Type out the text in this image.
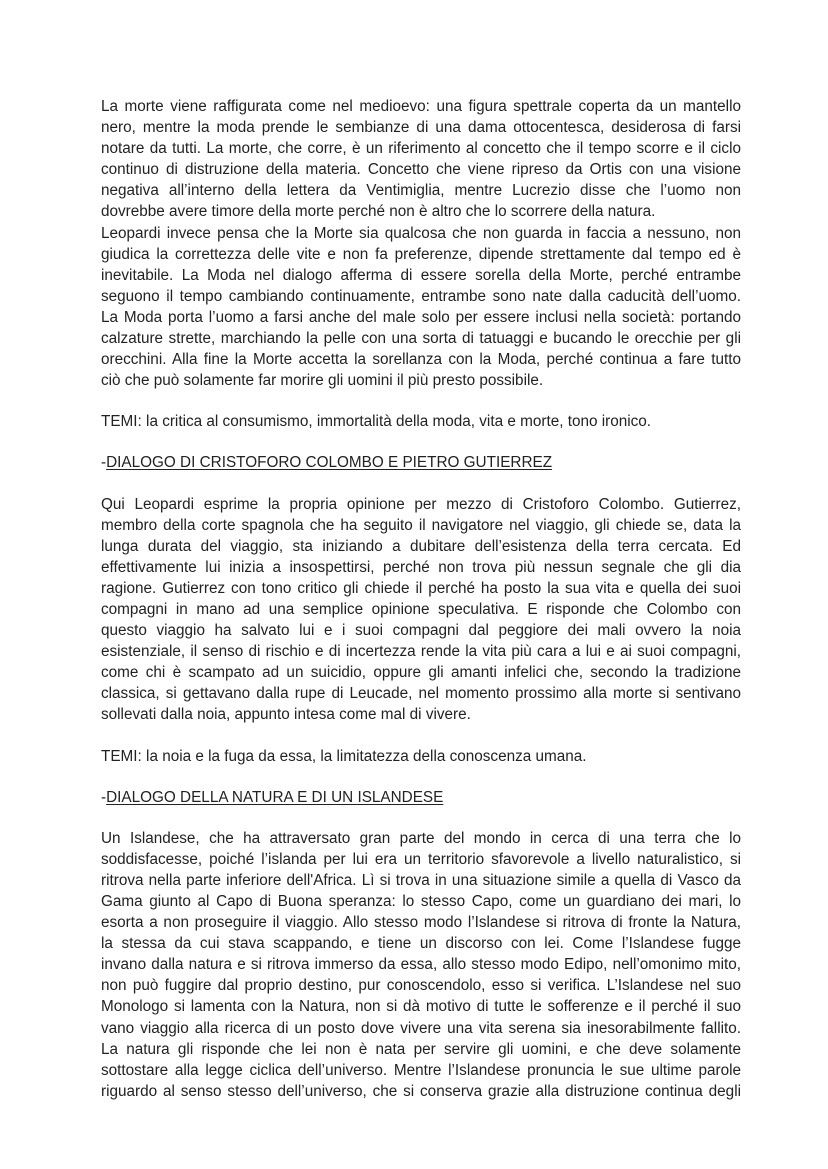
La morte viene raffigurata come nel medioevo: una figura spettrale coperta da un mantello
nero, mentre la moda prende le sembianze di una dama ottocentesca, desiderosa di farsi
notare da tutti. La morte, che corre, è un riferimento al concetto che il tempo scorre e il ciclo
continuo di distruzione della materia. Concetto che viene ripreso da Ortis con una visione
negativa all’interno della lettera da Ventimiglia, mentre Lucrezio disse che l’uomo non
dovrebbe avere timore della morte perché non è altro che lo scorrere della natura.
Leopardi invece pensa che la Morte sia qualcosa che non guarda in faccia a nessuno, non
giudica la correttezza delle vite e non fa preferenze, dipende strettamente dal tempo ed è
inevitabile. La Moda nel dialogo afferma di essere sorella della Morte, perché entrambe
seguono il tempo cambiando continuamente, entrambe sono nate dalla caducità dell’uomo.
La Moda porta l’uomo a farsi anche del male solo per essere inclusi nella società: portando
calzature strette, marchiando la pelle con una sorta di tatuaggi e bucando le orecchie per gli
orecchini. Alla fine la Morte accetta la sorellanza con la Moda, perché continua a fare tutto
ciò che può solamente far morire gli uomini il più presto possibile.
TEMI: la critica al consumismo, immortalità della moda, vita e morte, tono ironico.
-DIALOGO DI CRISTOFORO COLOMBO E PIETRO GUTIERREZ
Qui Leopardi esprime la propria opinione per mezzo di Cristoforo Colombo. Gutierrez,
membro della corte spagnola che ha seguito il navigatore nel viaggio, gli chiede se, data la
lunga durata del viaggio, sta iniziando a dubitare dell’esistenza della terra cercata. Ed
effettivamente lui inizia a insospettirsi, perché non trova più nessun segnale che gli dia
ragione. Gutierrez con tono critico gli chiede il perché ha posto la sua vita e quella dei suoi
compagni in mano ad una semplice opinione speculativa. E risponde che Colombo con
questo viaggio ha salvato lui e i suoi compagni dal peggiore dei mali ovvero la noia
esistenziale, il senso di rischio e di incertezza rende la vita più cara a lui e ai suoi compagni,
come chi è scampato ad un suicidio, oppure gli amanti infelici che, secondo la tradizione
classica, si gettavano dalla rupe di Leucade, nel momento prossimo alla morte si sentivano
sollevati dalla noia, appunto intesa come mal di vivere.
TEMI: la noia e la fuga da essa, la limitatezza della conoscenza umana.
-DIALOGO DELLA NATURA E DI UN ISLANDESE
Un Islandese, che ha attraversato gran parte del mondo in cerca di una terra che lo
soddisfacesse, poiché l’islanda per lui era un territorio sfavorevole a livello naturalistico, si
ritrova nella parte inferiore dell'Africa. Lì si trova in una situazione simile a quella di Vasco da
Gama giunto al Capo di Buona speranza: lo stesso Capo, come un guardiano dei mari, lo
esorta a non proseguire il viaggio. Allo stesso modo l’Islandese si ritrova di fronte la Natura,
la stessa da cui stava scappando, e tiene un discorso con lei. Come l’Islandese fugge
invano dalla natura e si ritrova immerso da essa, allo stesso modo Edipo, nell’omonimo mito,
non può fuggire dal proprio destino, pur conoscendolo, esso si verifica. L’Islandese nel suo
Monologo si lamenta con la Natura, non si dà motivo di tutte le sofferenze e il perché il suo
vano viaggio alla ricerca di un posto dove vivere una vita serena sia inesorabilmente fallito.
La natura gli risponde che lei non è nata per servire gli uomini, e che deve solamente
sottostare alla legge ciclica dell’universo. Mentre l’Islandese pronuncia le sue ultime parole
riguardo al senso stesso dell’universo, che si conserva grazie alla distruzione continua degli
